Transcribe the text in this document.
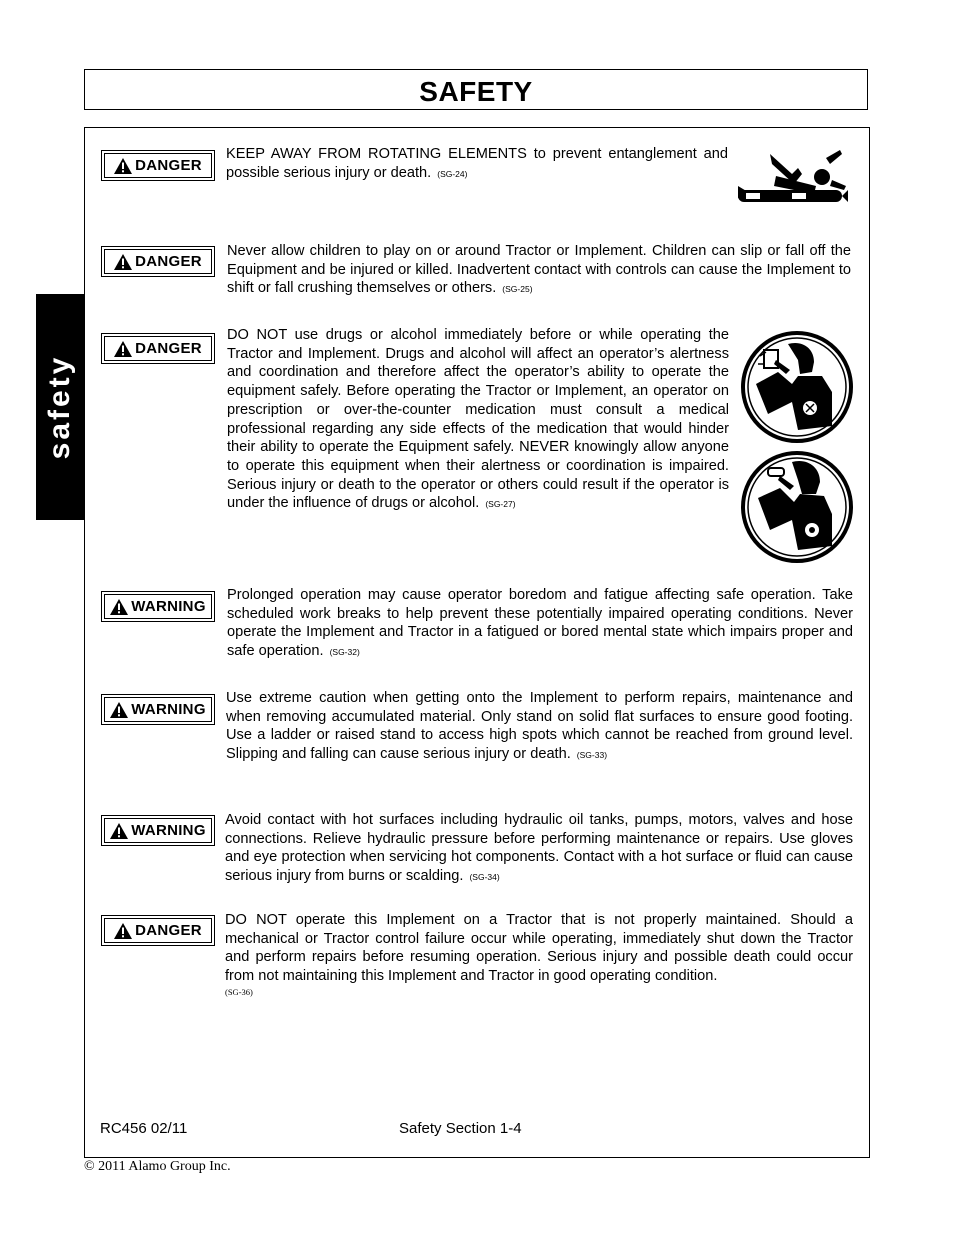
SAFETY
safety
DANGER
KEEP AWAY FROM ROTATING ELEMENTS to prevent entanglement and possible serious injury or death. (SG-24)
DANGER
Never allow children to play on or around Tractor or Implement. Children can slip or fall off the Equipment and be injured or killed. Inadvertent contact with controls can cause the Implement to shift or fall crushing themselves or others. (SG-25)
DANGER
DO NOT use drugs or alcohol immediately before or while operating the Tractor and Implement. Drugs and alcohol will affect an operator’s alertness and coordination and therefore affect the operator’s ability to operate the equipment safely. Before operating the Tractor or Implement, an operator on prescription or over-the-counter medication must consult a medical professional regarding any side effects of the medication that would hinder their ability to operate the Equipment safely. NEVER knowingly allow anyone to operate this equipment when their alertness or coordination is impaired. Serious injury or death to the operator or others could result if the operator is under the influence of drugs or alcohol. (SG-27)
WARNING
Prolonged operation may cause operator boredom and fatigue affecting safe operation. Take scheduled work breaks to help prevent these potentially impaired operating conditions. Never operate the Implement and Tractor in a fatigued or bored mental state which impairs proper and safe operation. (SG-32)
WARNING
Use extreme caution when getting onto the Implement to perform repairs, maintenance and when removing accumulated material. Only stand on solid flat surfaces to ensure good footing. Use a ladder or raised stand to access high spots which cannot be reached from ground level. Slipping and falling can cause serious injury or death. (SG-33)
WARNING
Avoid contact with hot surfaces including hydraulic oil tanks, pumps, motors, valves and hose connections. Relieve hydraulic pressure before performing maintenance or repairs. Use gloves and eye protection when servicing hot components. Contact with a hot surface or fluid can cause serious injury from burns or scalding. (SG-34)
DANGER
DO NOT operate this Implement on a Tractor that is not properly maintained. Should a mechanical or Tractor control failure occur while operating, immediately shut down the Tractor and perform repairs before resuming operation. Serious injury and possible death could occur from not maintaining this Implement and Tractor in good operating condition.
(SG-36)
RC456 02/11	Safety Section 1-4
© 2011 Alamo Group Inc.
